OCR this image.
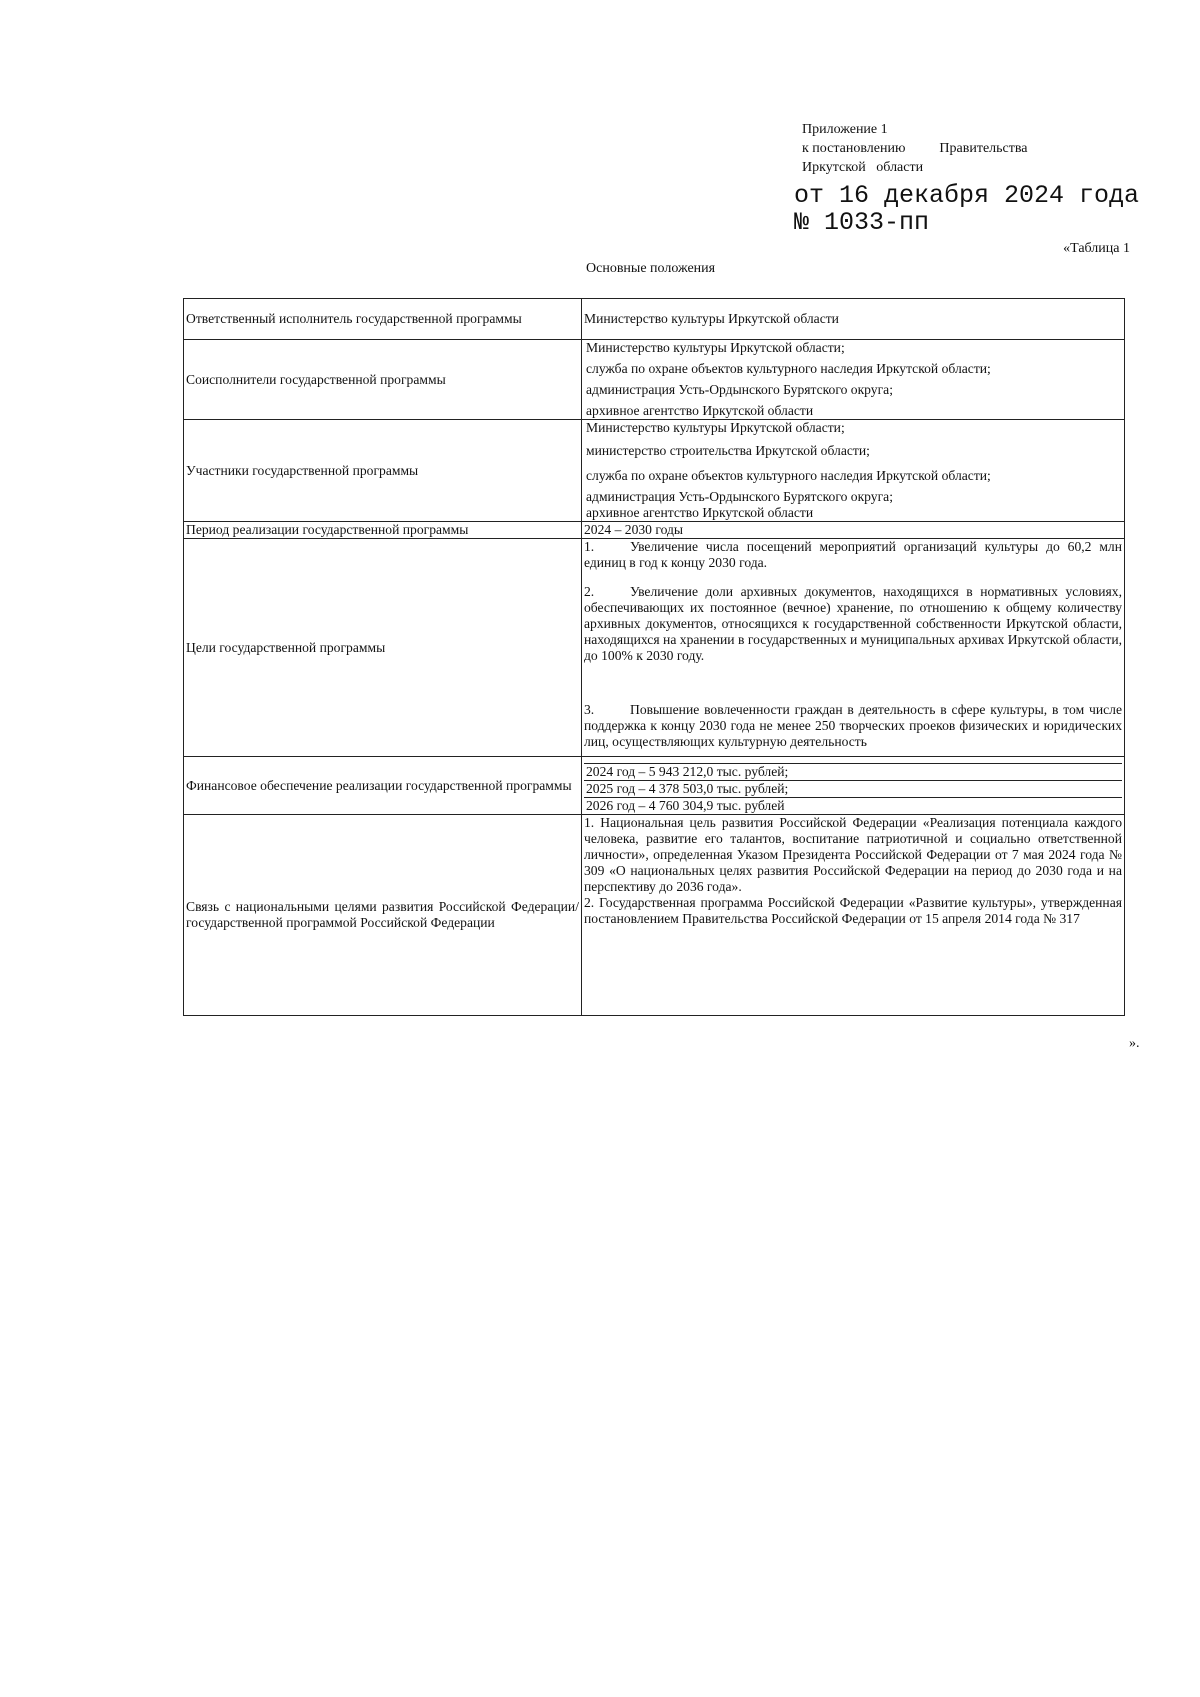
Приложение 1
к постановлению Правительства
Иркутской   области
от 16 декабря 2024 года
№ 1033-пп
«Таблица 1
Основные положения
Ответственный исполнитель государственной программы	Министерство культуры Иркутской области
Соисполнители государственной программы	Министерство культуры Иркутской области;
служба по охране объектов культурного наследия Иркутской области;
администрация Усть-Ордынского Бурятского округа;
архивное агентство Иркутской области

Участники государственной программы	Министерство культуры Иркутской области;
министерство строительства Иркутской области;
служба по охране объектов культурного наследия Иркутской области;
администрация Усть-Ордынского Бурятского округа;
архивное агентство Иркутской области

Период реализации государственной программы	2024 – 2030 годы
Цели государственной программы	1. Увеличение числа посещений мероприятий организаций культуры до 60,2 млн единиц в год к концу 2030 года.
2. Увеличение доли архивных документов, находящихся в нормативных условиях, обеспечивающих их постоянное (вечное) хранение, по отношению к общему количеству архивных документов, относящихся к государственной собственности Иркутской области, находящихся на хранении в государственных и муниципальных архивах Иркутской области, до 100% к 2030 году.
3. Повышение вовлеченности граждан в деятельность в сфере культуры, в том числе поддержка к концу 2030 года не менее 250 творческих проеков физических и юридических лиц, осуществляющих культурную деятельность

Финансовое обеспечение реализации государственной программы	2024 год – 5 943 212,0 тыс. рублей;
2025 год – 4 378 503,0 тыс. рублей;
2026 год – 4 760 304,9 тыс. рублей

Связь с национальными целями развития Российской Федерации/государственной программой Российской Федерации	1. Национальная цель развития Российской Федерации «Реализация потенциала каждого человека, развитие его талантов, воспитание патриотичной и социально ответственной личности», определенная Указом Президента Российской Федерации от 7 мая 2024 года № 309 «О национальных целях развития Российской Федерации на период до 2030 года и на перспективу до 2036 года».
2. Государственная программа Российской Федерации «Развитие культуры», утвержденная постановлением Правительства Российской Федерации от 15 апреля 2014 года № 317
».
